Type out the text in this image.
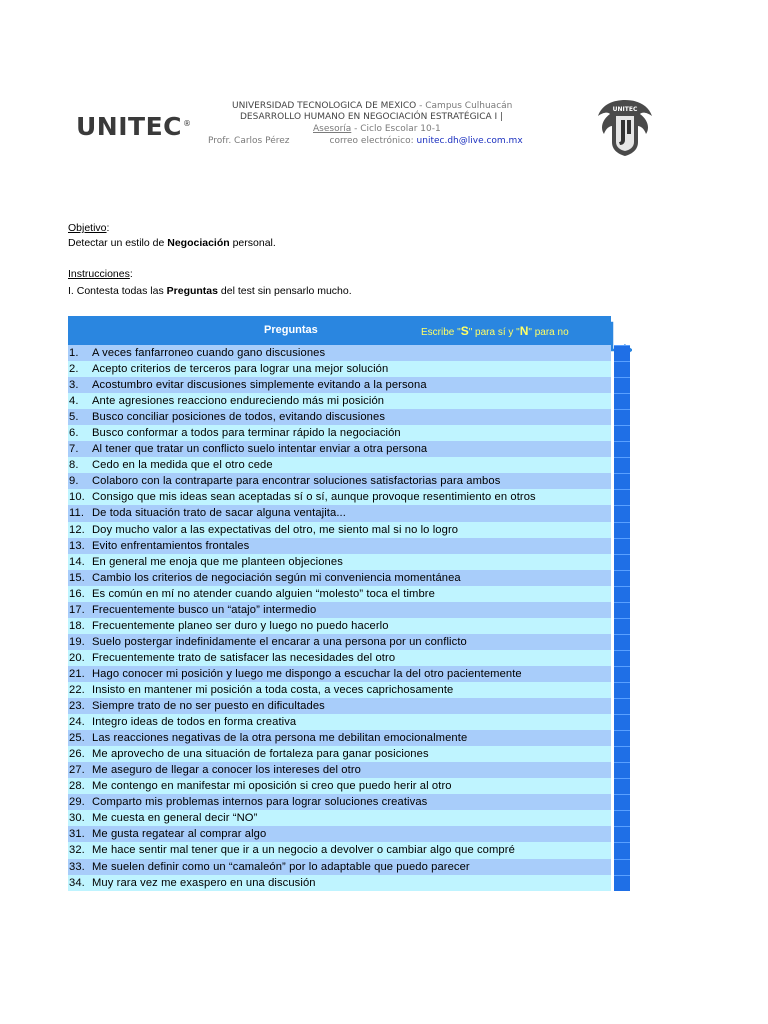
UNITEC®
UNIVERSIDAD TECNOLOGICA DE MEXICO - Campus Culhuacán
DESARROLLO HUMANO EN NEGOCIACIÓN ESTRATÉGICA I |
Asesoría - Ciclo Escolar 10-1
Profr. Carlos Pérez	correo electrónico: unitec.dh@live.com.mx
UNITEC
Objetivo:
Detectar un estilo de Negociación personal.
Instrucciones:
I. Contesta todas las Preguntas del test sin pensarlo mucho.
Preguntas	Escribe "S" para sí y "N" para no
1. A veces fanfarroneo cuando gano discusiones
2. Acepto criterios de terceros para lograr una mejor solución
3. Acostumbro evitar discusiones simplemente evitando a la persona
4. Ante agresiones reacciono endureciendo más mi posición
5. Busco conciliar posiciones de todos, evitando discusiones
6. Busco conformar a todos para terminar rápido la negociación
7. Al tener que tratar un conflicto suelo intentar enviar a otra persona
8. Cedo en la medida que el otro cede
9. Colaboro con la contraparte para encontrar soluciones satisfactorias para ambos
10. Consigo que mis ideas sean aceptadas sí o sí, aunque provoque resentimiento en otros
11. De toda situación trato de sacar alguna ventajita...
12. Doy mucho valor a las expectativas del otro, me siento mal si no lo logro
13. Evito enfrentamientos frontales
14. En general me enoja que me planteen objeciones
15. Cambio los criterios de negociación según mi conveniencia momentánea
16. Es común en mí no atender cuando alguien “molesto” toca el timbre
17. Frecuentemente busco un “atajo” intermedio
18. Frecuentemente planeo ser duro y luego no puedo hacerlo
19. Suelo postergar indefinidamente el encarar a una persona por un conflicto
20. Frecuentemente trato de satisfacer las necesidades del otro
21. Hago conocer mi posición y luego me dispongo a escuchar la del otro pacientemente
22. Insisto en mantener mi posición a toda costa, a veces caprichosamente
23. Siempre trato de no ser puesto en dificultades
24. Integro ideas de todos en forma creativa
25. Las reacciones negativas de la otra persona me debilitan emocionalmente
26. Me aprovecho de una situación de fortaleza para ganar posiciones
27. Me aseguro de llegar a conocer los intereses del otro
28. Me contengo en manifestar mi oposición si creo que puedo herir al otro
29. Comparto mis problemas internos para lograr soluciones creativas
30. Me cuesta en general decir “NO”
31. Me gusta regatear al comprar algo
32. Me hace sentir mal tener que ir a un negocio a devolver o cambiar algo que compré
33. Me suelen definir como un “camaleón” por lo adaptable que puedo parecer
34. Muy rara vez me exaspero en una discusión
